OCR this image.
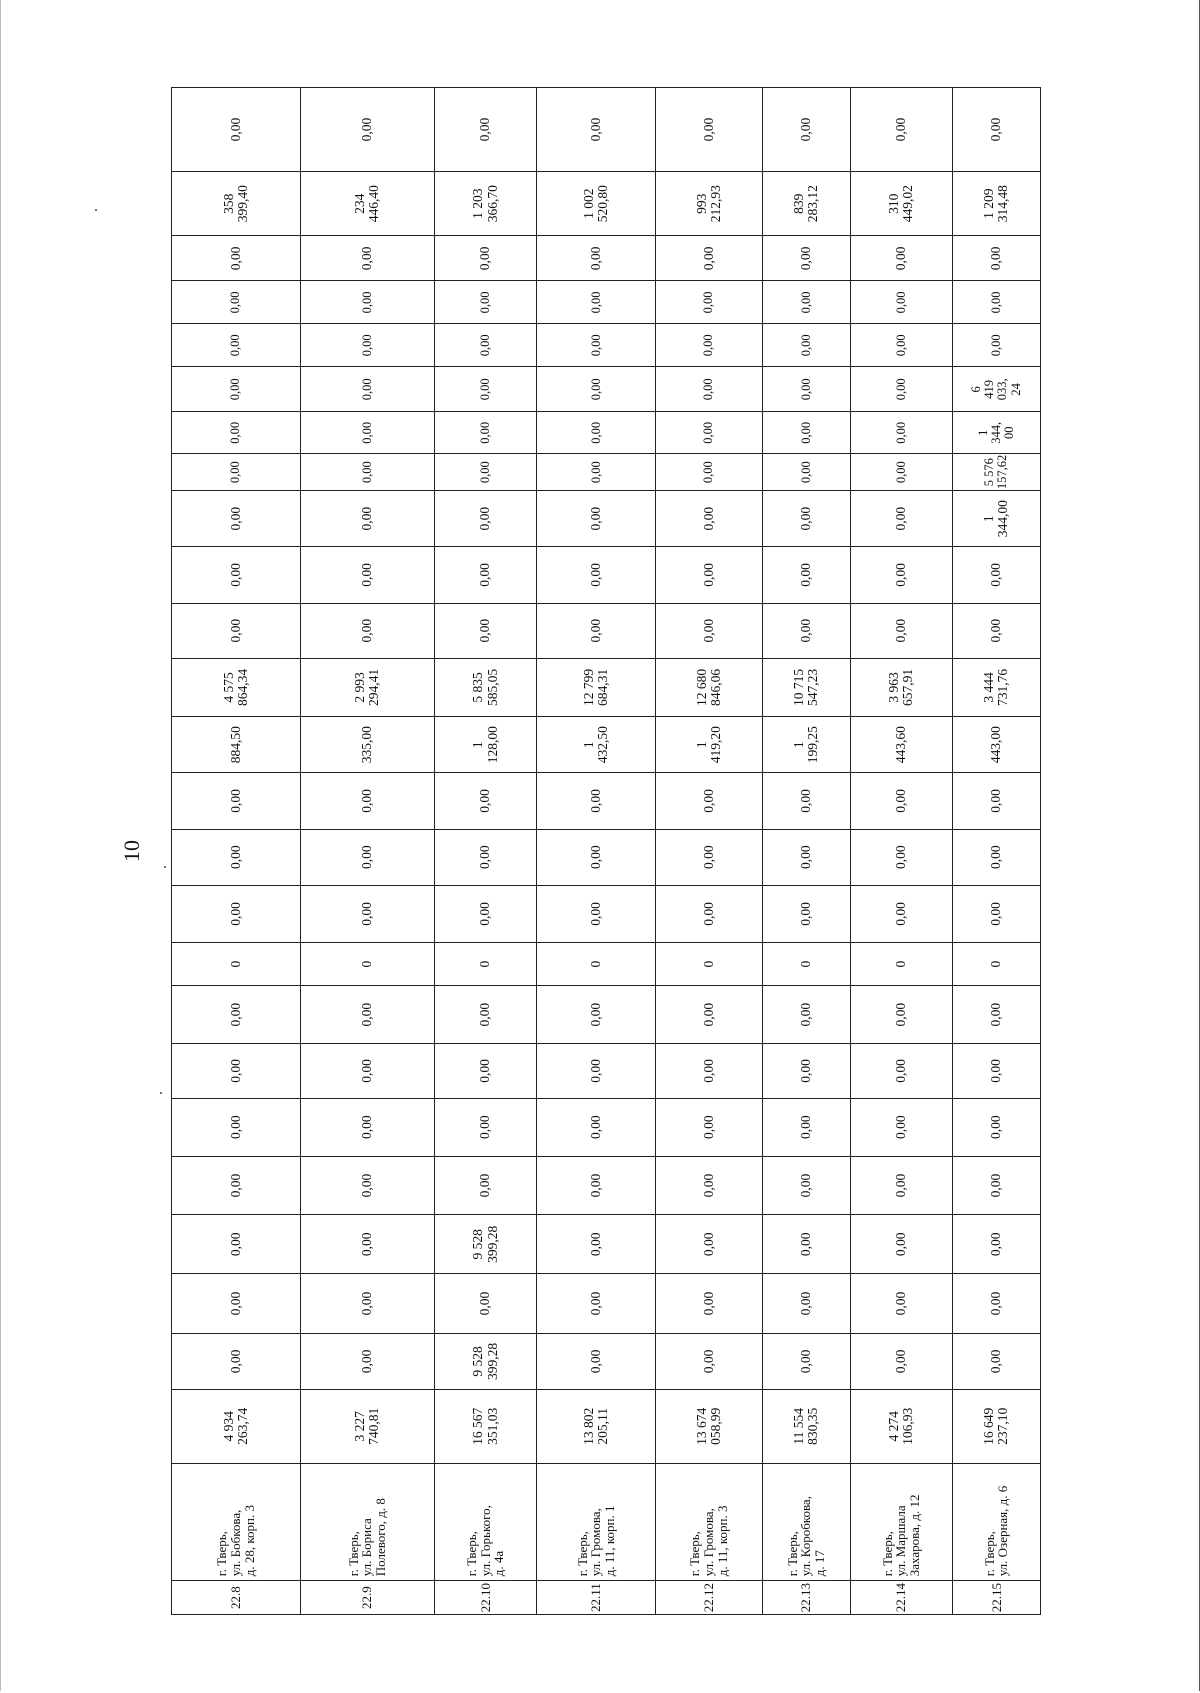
10
22.8	г. Тверь,
ул. Бобкова,
д. 28, корп. 3	4 934
263,74	0,00	0,00	0,00	0,00	0,00	0,00	0,00	0	0,00	0,00	0,00	884,50	4 575
864,34	0,00	0,00	0,00	0,00	0,00	0,00	0,00	0,00	0,00	358
399,40	0,00
22.9	г. Тверь,
ул. Бориса
Полевого, д. 8	3 227
740,81	0,00	0,00	0,00	0,00	0,00	0,00	0,00	0	0,00	0,00	0,00	335,00	2 993
294,41	0,00	0,00	0,00	0,00	0,00	0,00	0,00	0,00	0,00	234
446,40	0,00
22.10	г. Тверь,
ул. Горького,
д. 4а	16 567
351,03	9 528
399,28	0,00	9 528
399,28	0,00	0,00	0,00	0,00	0	0,00	0,00	0,00	1
128,00	5 835
585,05	0,00	0,00	0,00	0,00	0,00	0,00	0,00	0,00	0,00	1 203
366,70	0,00
22.11	г. Тверь,
ул. Громова,
д. 11, корп. 1	13 802
205,11	0,00	0,00	0,00	0,00	0,00	0,00	0,00	0	0,00	0,00	0,00	1
432,50	12 799
684,31	0,00	0,00	0,00	0,00	0,00	0,00	0,00	0,00	0,00	1 002
520,80	0,00
22.12	г. Тверь,
ул. Громова,
д. 11, корп. 3	13 674
058,99	0,00	0,00	0,00	0,00	0,00	0,00	0,00	0	0,00	0,00	0,00	1
419,20	12 680
846,06	0,00	0,00	0,00	0,00	0,00	0,00	0,00	0,00	0,00	993
212,93	0,00
22.13	г. Тверь,
ул. Коробкова,
д. 17	11 554
830,35	0,00	0,00	0,00	0,00	0,00	0,00	0,00	0	0,00	0,00	0,00	1
199,25	10 715
547,23	0,00	0,00	0,00	0,00	0,00	0,00	0,00	0,00	0,00	839
283,12	0,00
22.14	г. Тверь,
ул. Маршала
Захарова, д. 12	4 274
106,93	0,00	0,00	0,00	0,00	0,00	0,00	0,00	0	0,00	0,00	0,00	443,60	3 963
657,91	0,00	0,00	0,00	0,00	0,00	0,00	0,00	0,00	0,00	310
449,02	0,00
22.15	г. Тверь,
ул. Озерная, д. 6	16 649
237,10	0,00	0,00	0,00	0,00	0,00	0,00	0,00	0	0,00	0,00	0,00	443,00	3 444
731,76	0,00	0,00	1
344,00	5 576
157,62	1
344,
00	6
419
033,
24	0,00	0,00	0,00	1 209
314,48	0,00
